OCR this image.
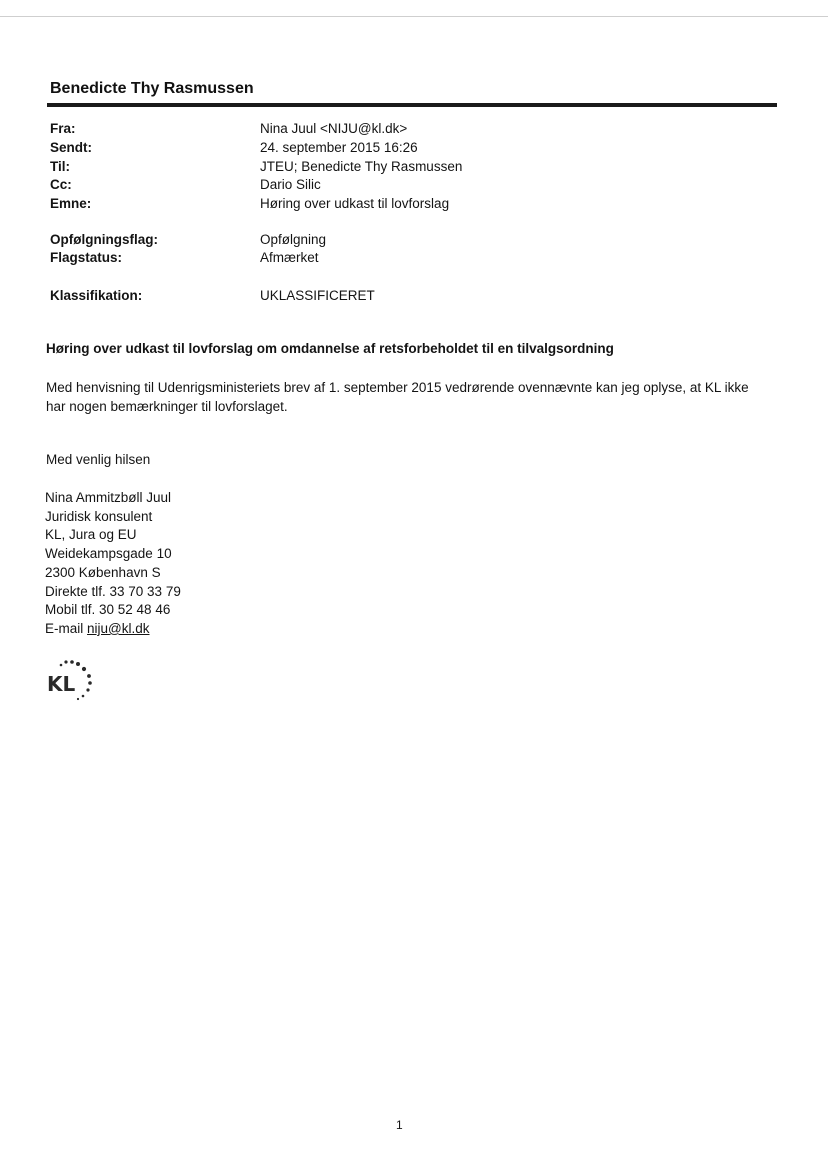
Benedicte Thy Rasmussen
Fra:	Nina Juul <NIJU@kl.dk>
Sendt:	24. september 2015 16:26
Til:	JTEU; Benedicte Thy Rasmussen
Cc:	Dario Silic
Emne:	Høring over udkast til lovforslag
Opfølgningsflag:	Opfølgning
Flagstatus:	Afmærket
Klassifikation:	UKLASSIFICERET
Høring over udkast til lovforslag om omdannelse af retsforbeholdet til en tilvalgsordning
Med henvisning til Udenrigsministeriets brev af 1. september 2015 vedrørende ovennævnte kan jeg oplyse, at KL ikke har nogen bemærkninger til lovforslaget.
Med venlig hilsen
Nina Ammitzbøll Juul
Juridisk konsulent
KL, Jura og EU
Weidekampsgade 10
2300 København S
Direkte tlf. 33 70 33 79
Mobil tlf. 30 52 48 46
E-mail niju@kl.dk
KL
1
